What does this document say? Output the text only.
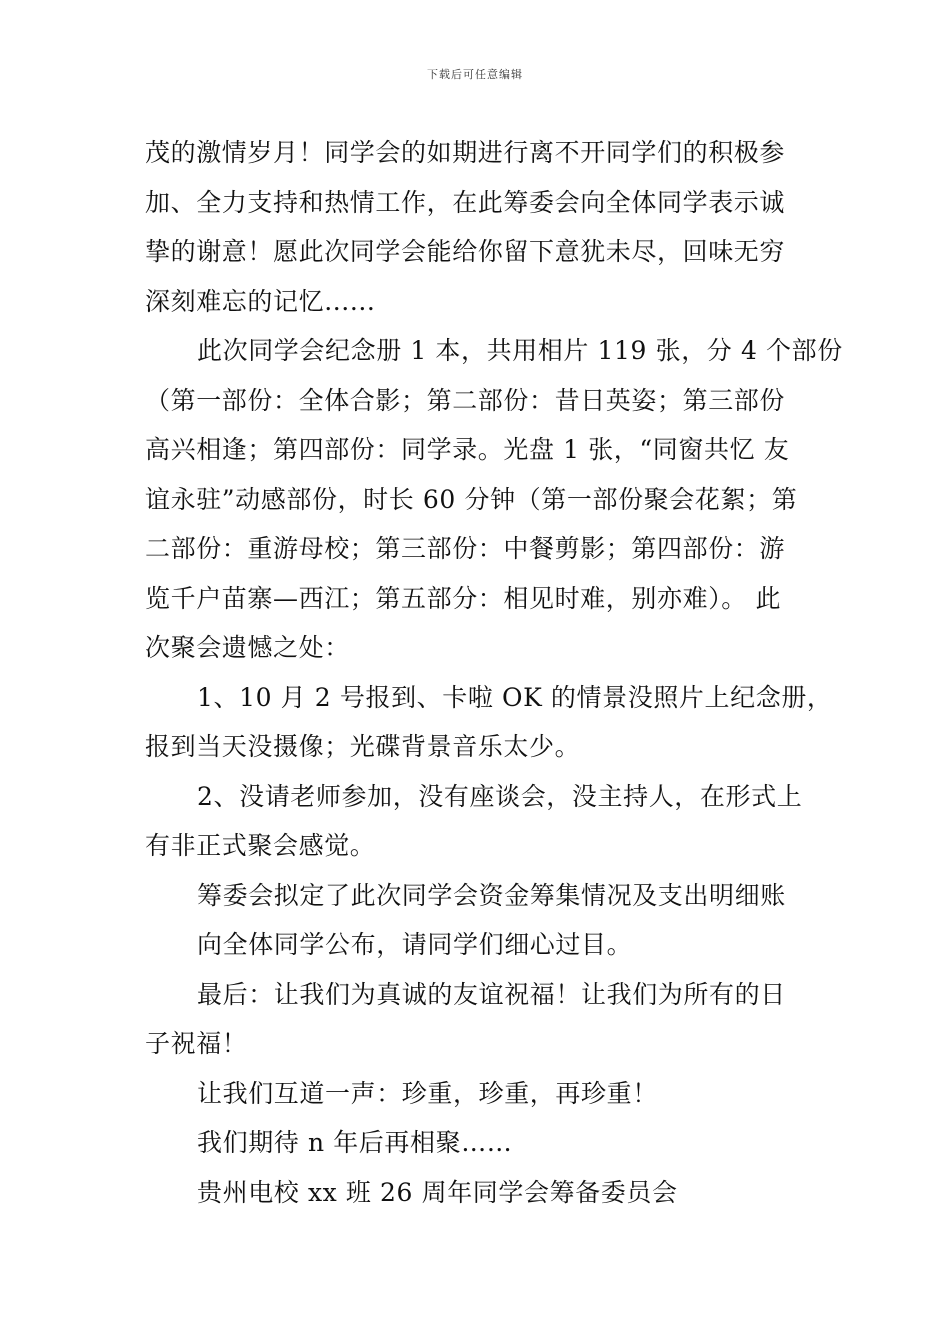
下载后可任意编辑

茂的激情岁月！同学会的如期进行离不开同学们的积极参

加、全力支持和热情工作，在此筹委会向全体同学表示诚

挚的谢意！愿此次同学会能给你留下意犹未尽，回味无穷

深刻难忘的记忆......

此次同学会纪念册 1 本，共用相片 119 张，分 4 个部份

（第一部份：全体合影；第二部份：昔日英姿；第三部份

高兴相逢；第四部份：同学录。光盘 1 张，“同窗共忆 友

谊永驻”动感部份，时长 60 分钟（第一部份聚会花絮；第

二部份：重游母校；第三部份：中餐剪影；第四部份：游

览千户苗寨—西江；第五部分：相见时难，别亦难）。 此

次聚会遗憾之处：

1、10 月 2 号报到、卡啦 OK 的情景没照片上纪念册，

报到当天没摄像；光碟背景音乐太少。

2、没请老师参加，没有座谈会，没主持人，在形式上

有非正式聚会感觉。

筹委会拟定了此次同学会资金筹集情况及支出明细账

向全体同学公布，请同学们细心过目。

最后：让我们为真诚的友谊祝福！让我们为所有的日

子祝福！

让我们互道一声：珍重，珍重，再珍重！

我们期待 n 年后再相聚……

贵州电校 xx 班 26 周年同学会筹备委员会
